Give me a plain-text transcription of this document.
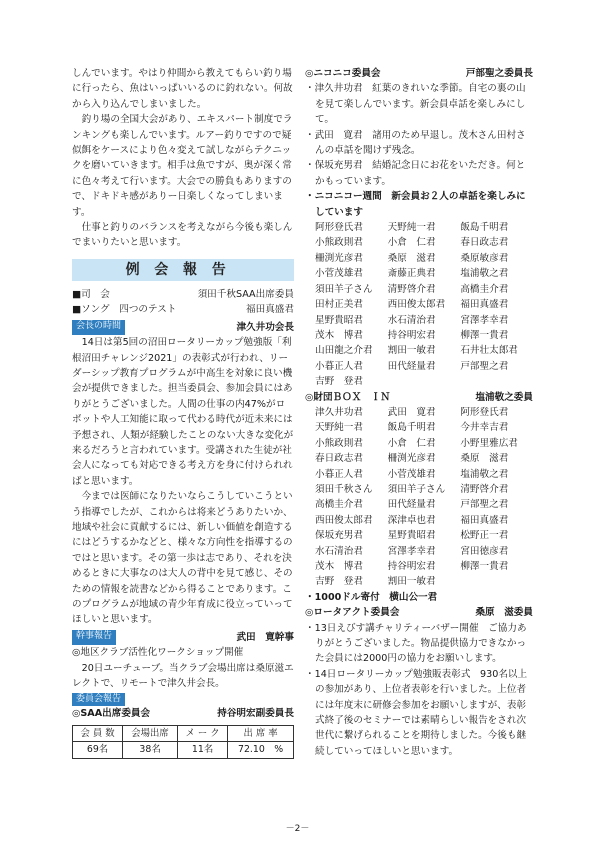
しんでいます。やはり仲間から教えてもらい釣り場に行ったら、魚はいっぱいいるのに釣れない。何故から入り込んでしまいました。

釣り場の全国大会があり、エキスパート制度でランキングも楽しんでいます。ルアー釣りですので疑似餌をケースにより色々変えて試しながらテクニックを磨いていきます。相手は魚ですが、奥が深く常に色々考えて行います。大会での勝負もありますので、ドキドキ感がありー日楽しくなってしまいます。

仕事と釣りのバランスを考えながら今後も楽しんでまいりたいと思います。

例会報告
■司　会	須田千秋SAA出席委員
■ソング　四つのテスト	福田真盛君
会長の時間	津久井功会長

14日は第5回の沼田ロータリーカップ勉強版「利根沼田チャレンジ2021」の表彰式が行われ、リーダーシップ教育プログラムが中高生を対象に良い機会が提供できました。担当委員会、参加会員にはありがとうございました。人間の仕事の内47%がロボットや人工知能に取って代わる時代が近未来には予想され、人類が経験したことのない大きな変化が来るだろうと言われています。受講された生徒が社会人になっても対応できる考え方を身に付けられればと思います。

今までは医師になりたいならこうしていこうという指導でしたが、これからは将来どうありたいか、地域や社会に貢献するには、新しい価値を創造するにはどうするかなどと、様々な方向性を指導するのではと思います。その第一歩は志であり、それを決めるときに大事なのは大人の背中を見て感じ、そのための情報を読書などから得ることであります。このプログラムが地域の青少年育成に役立っていってほしいと思います。

幹事報告	武田　寛幹事

◎地区クラブ活性化ワークショップ開催

20日ユーチューブ。当クラブ会場出席は桑原滋エレクトで、リモートで津久井会長。

委員会報告
◎SAA出席委員会	持谷明宏副委員長
会 員 数	会場出席	メ ー ク	出 席 率
69名	38名	11名	72.10　%
◎ニコニコ委員会	戸部聖之委員長

・津久井功君　紅葉のきれいな季節。自宅の裏の山を見て楽しんでいます。新会員卓話を楽しみにして。

・武田　寛君　諸用のため早退し。茂木さん田村さんの卓話を聞けず残念。

・保坂充男君　結婚記念日にお花をいただき。何とかもっています。

・ニコニコー週間　新会員お２人の卓話を楽しみにしています

阿形登氏君	天野純一君	飯島千明君
小熊政則君	小倉　仁君	春日政志君
柵渕光彦君	桑原　滋君	桑原敏彦君
小菅茂雄君	斎藤正典君	塩浦敬之君
須田羊子さん	清野啓介君	高橋圭介君
田村正美君	西田俊太郎君	福田真盛君
星野貴昭君	水石清治君	宮澤孝幸君
茂木　博君	持谷明宏君	柳澤一貴君
山田龍之介君	割田一敏君	石井壮太郎君
小暮正人君	田代経量君	戸部聖之君
吉野　登君
◎財団ＢＯＸ　ＩＮ	塩浦敬之委員
津久井功君	武田　寛君	阿形登氏君
天野純一君	飯島千明君	今井幸吉君
小熊政則君	小倉　仁君	小野里雅広君
春日政志君	柵渕光彦君	桑原　滋君
小暮正人君	小菅茂雄君	塩浦敬之君
須田千秋さん	須田羊子さん	清野啓介君
高橋圭介君	田代経量君	戸部聖之君
西田俊太郎君	深津卓也君	福田真盛君
保坂充男君	星野貴昭君	松野正一君
水石清治君	宮澤孝幸君	宮田徳彦君
茂木　博君	持谷明宏君	柳澤一貴君
吉野　登君	割田一敏君

・1000ドル寄付　横山公一君

◎ロータアクト委員会	桑原　滋委員

・13日えびす講チャリティーバザー開催　ご協力ありがとうございました。物品提供協力できなかった会員には2000円の協力をお願いします。

・14日ロータリーカップ勉強販表彰式　930名以上の参加があり、上位者表彰を行いました。上位者には年度末に研修会参加をお願いしますが、表彰式終了後のセミナーでは素晴らしい報告をされ次世代に繋げられることを期待しました。今後も継続していってほしいと思います。

－2－
